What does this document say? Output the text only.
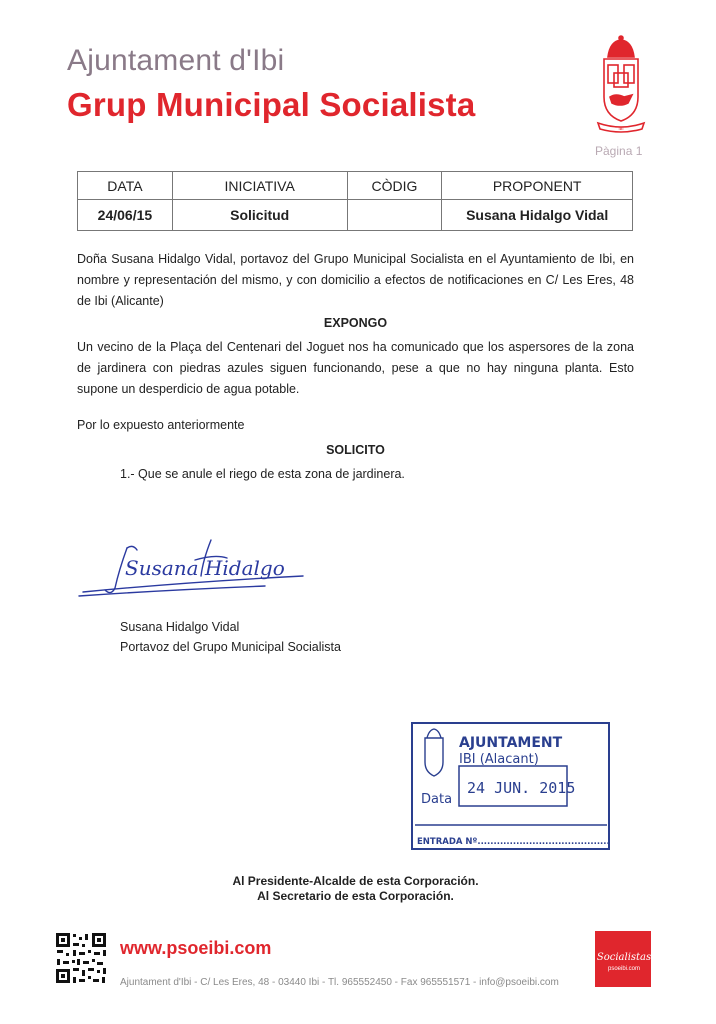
Ajuntament d'Ibi
Grup Municipal Socialista
IBI
Pàgina 1
DATA	INICIATIVA	CÒDIG	PROPONENT
24/06/15	Solicitud		Susana Hidalgo Vidal
Doña Susana Hidalgo Vidal, portavoz del Grupo Municipal Socialista en el Ayuntamiento de Ibi, en nombre y representación del mismo, y con domicilio a efectos de notificaciones en C/ Les Eres, 48 de Ibi (Alicante)
EXPONGO
Un vecino de la Plaça del Centenari del Joguet nos ha comunicado que los aspersores de la zona de jardinera con piedras azules siguen funcionando, pese a que no hay ninguna planta. Esto supone un desperdicio de agua potable.
Por lo expuesto anteriormente
SOLICITO
1.- Que se anule el riego de esta zona de jardinera.
Susana Hidalgo
Susana Hidalgo Vidal
Portavoz del Grupo Municipal Socialista
AJUNTAMENT
IBI (Alacant)
Data
24 JUN. 2015
ENTRADA Nº.........................................
Al Presidente-Alcalde de esta Corporación.
Al Secretario de esta Corporación.
www.psoeibi.com
Ajuntament d'Ibi - C/ Les Eres, 48 - 03440 Ibi - Tl. 965552450 - Fax 965551571 - info@psoeibi.com
Socialistas
psoeibi.com
